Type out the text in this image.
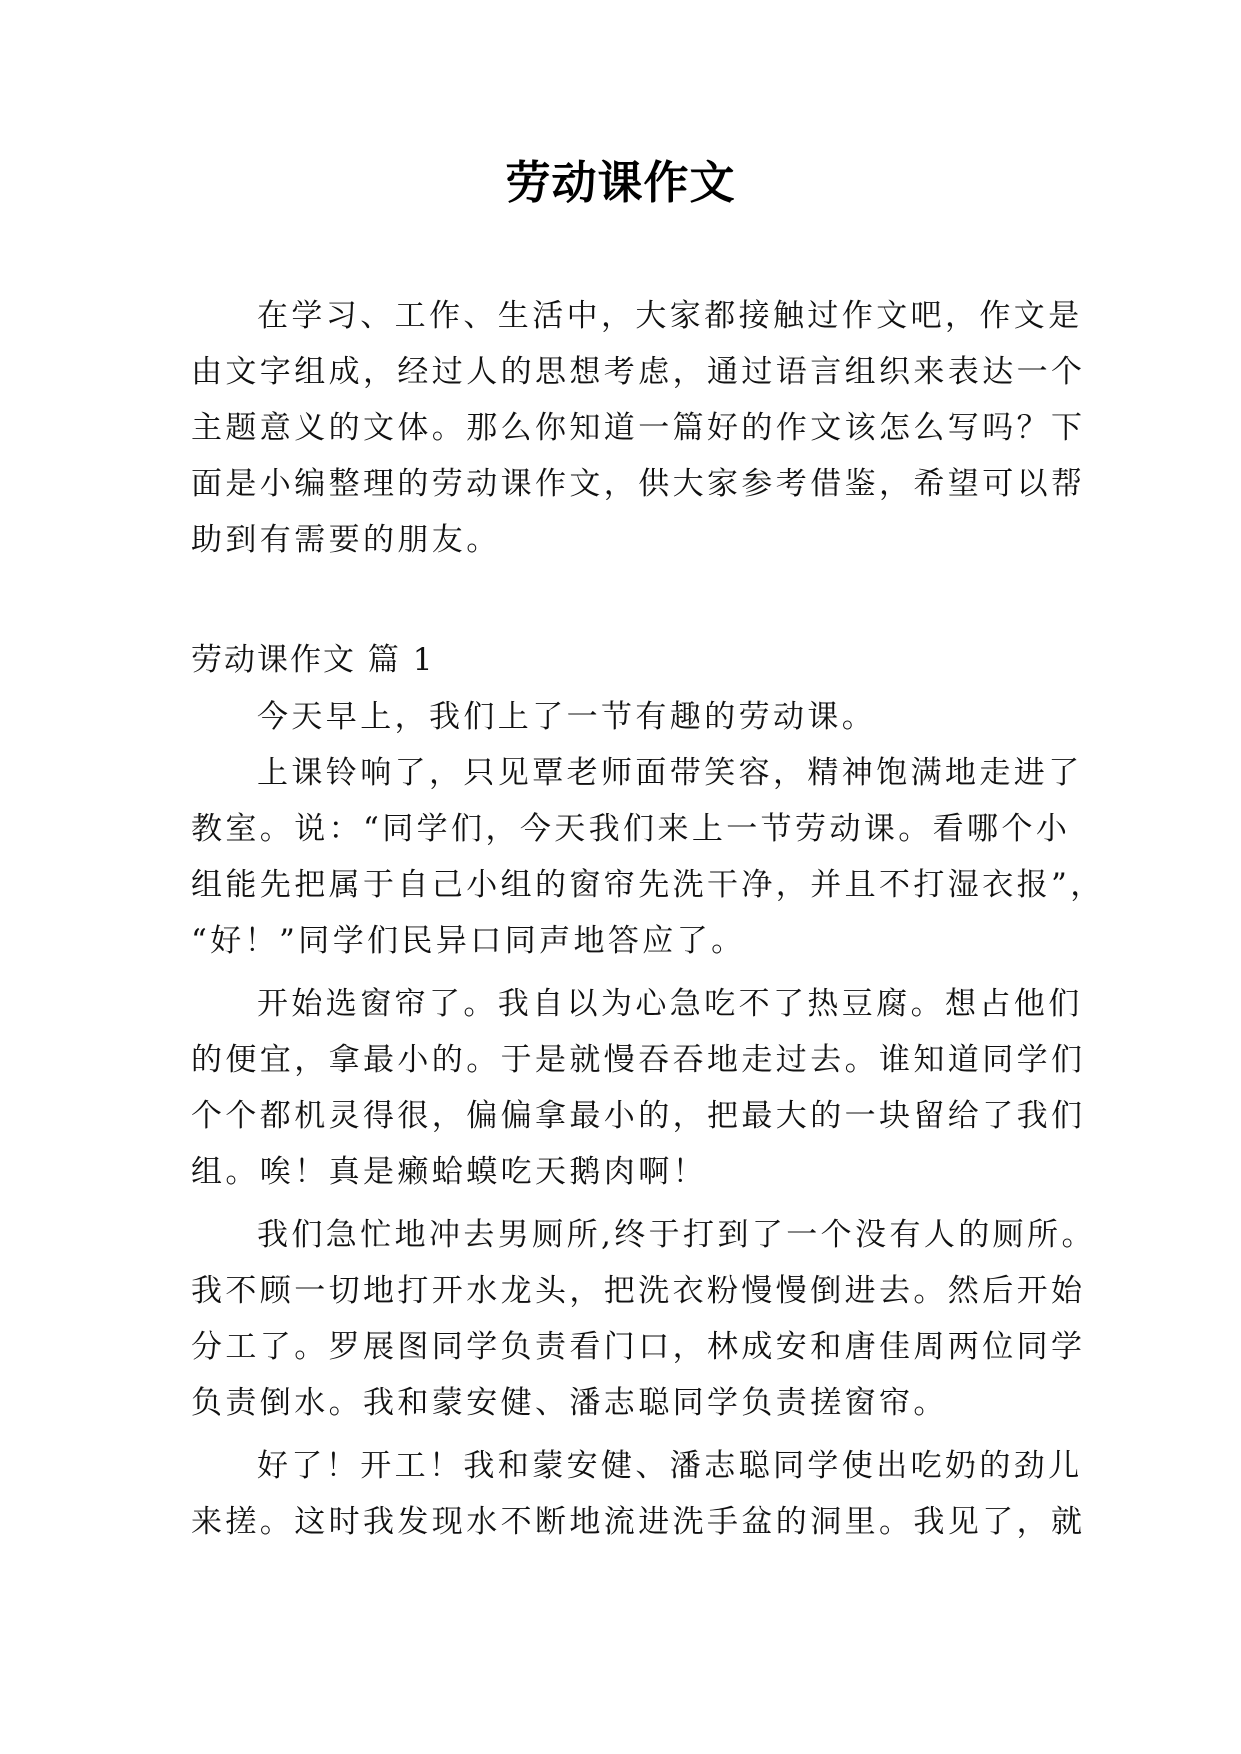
劳动课作文
在学习、工作、生活中，大家都接触过作文吧，作文是
由文字组成，经过人的思想考虑，通过语言组织来表达一个
主题意义的文体。那么你知道一篇好的作文该怎么写吗？下
面是小编整理的劳动课作文，供大家参考借鉴，希望可以帮
助到有需要的朋友。
劳动课作文 篇 1
今天早上，我们上了一节有趣的劳动课。
上课铃响了，只见覃老师面带笑容，精神饱满地走进了
教室。说：“同学们，今天我们来上一节劳动课。看哪个小
组能先把属于自己小组的窗帘先洗干净，并且不打湿衣报”，
“好！”同学们民异口同声地答应了。
开始选窗帘了。我自以为心急吃不了热豆腐。想占他们
的便宜，拿最小的。于是就慢吞吞地走过去。谁知道同学们
个个都机灵得很，偏偏拿最小的，把最大的一块留给了我们
组。唉！真是癞蛤蟆吃天鹅肉啊！
我们急忙地冲去男厕所,终于打到了一个没有人的厕所。
我不顾一切地打开水龙头，把洗衣粉慢慢倒进去。然后开始
分工了。罗展图同学负责看门口，林成安和唐佳周两位同学
负责倒水。我和蒙安健、潘志聪同学负责搓窗帘。
好了！开工！我和蒙安健、潘志聪同学使出吃奶的劲儿
来搓。这时我发现水不断地流进洗手盆的洞里。我见了，就
